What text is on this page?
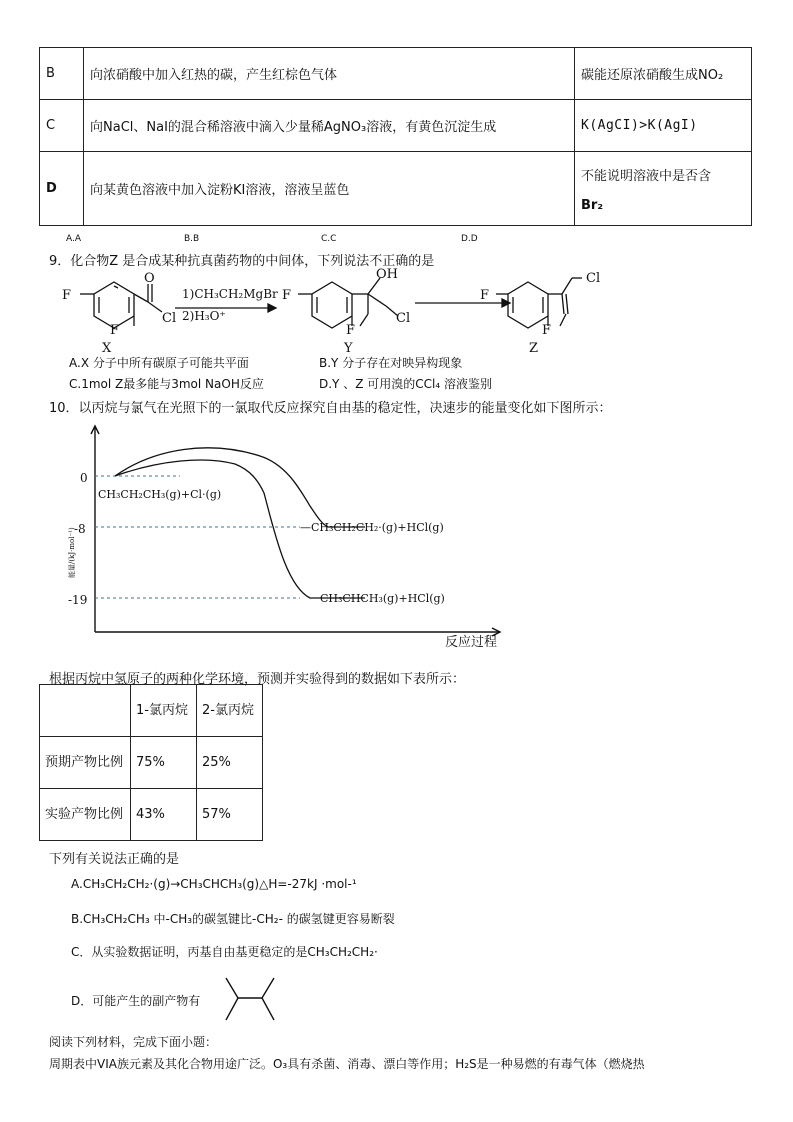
B	向浓硝酸中加入红热的碳，产生红棕色气体	碳能还原浓硝酸生成NO₂
C	向NaCl、NaI的混合稀溶液中滴入少量稀AgNO₃溶液，有黄色沉淀生成	K(AgCI)>K(AgI)
D	向某黄色溶液中加入淀粉KI溶液，溶液呈蓝色	不能说明溶液中是否含
Br₂
A.A	B.B	C.C	D.D
9．化合物Z 是合成某种抗真菌药物的中间体，下列说法不正确的是
F
O
Cl
F
X
1)CH₃CH₂MgBr
2)H₃O⁺
F
OH
Cl
F
Y
F
Cl
F
Z
A.X 分子中所有碳原子可能共平面	B.Y 分子存在对映异构现象
C.1mol Z最多能与3mol NaOH反应	D.Y 、Z 可用溴的CCl₄ 溶液鉴别
10．以丙烷与氯气在光照下的一氯取代反应探究自由基的稳定性，决速步的能量变化如下图所示：
0
-8
-19
CH₃CH₂CH₃(g)+Cl·(g)
—CH₃CH₂CH₂·(g)+HCl(g)
CH₃CHCH₃(g)+HCl(g)
反应过程
能量/(kJ·mol⁻¹)
根据丙烷中氢原子的两种化学环境，预测并实验得到的数据如下表所示：
	1-氯丙烷	2-氯丙烷
预期产物比例	75%	25%
实验产物比例	43%	57%
下列有关说法正确的是
A.CH₃CH₂CH₂·(g)→CH₃CHCH₃(g)△H=-27kJ ·mol-¹
B.CH₃CH₂CH₃ 中-CH₃的碳氢键比-CH₂- 的碳氢键更容易断裂
C．从实验数据证明，丙基自由基更稳定的是CH₃CH₂CH₂·
D．可能产生的副产物有
阅读下列材料，完成下面小题：
周期表中VIA族元素及其化合物用途广泛。O₃具有杀菌、消毒、漂白等作用；H₂S是一种易燃的有毒气体（燃烧热
